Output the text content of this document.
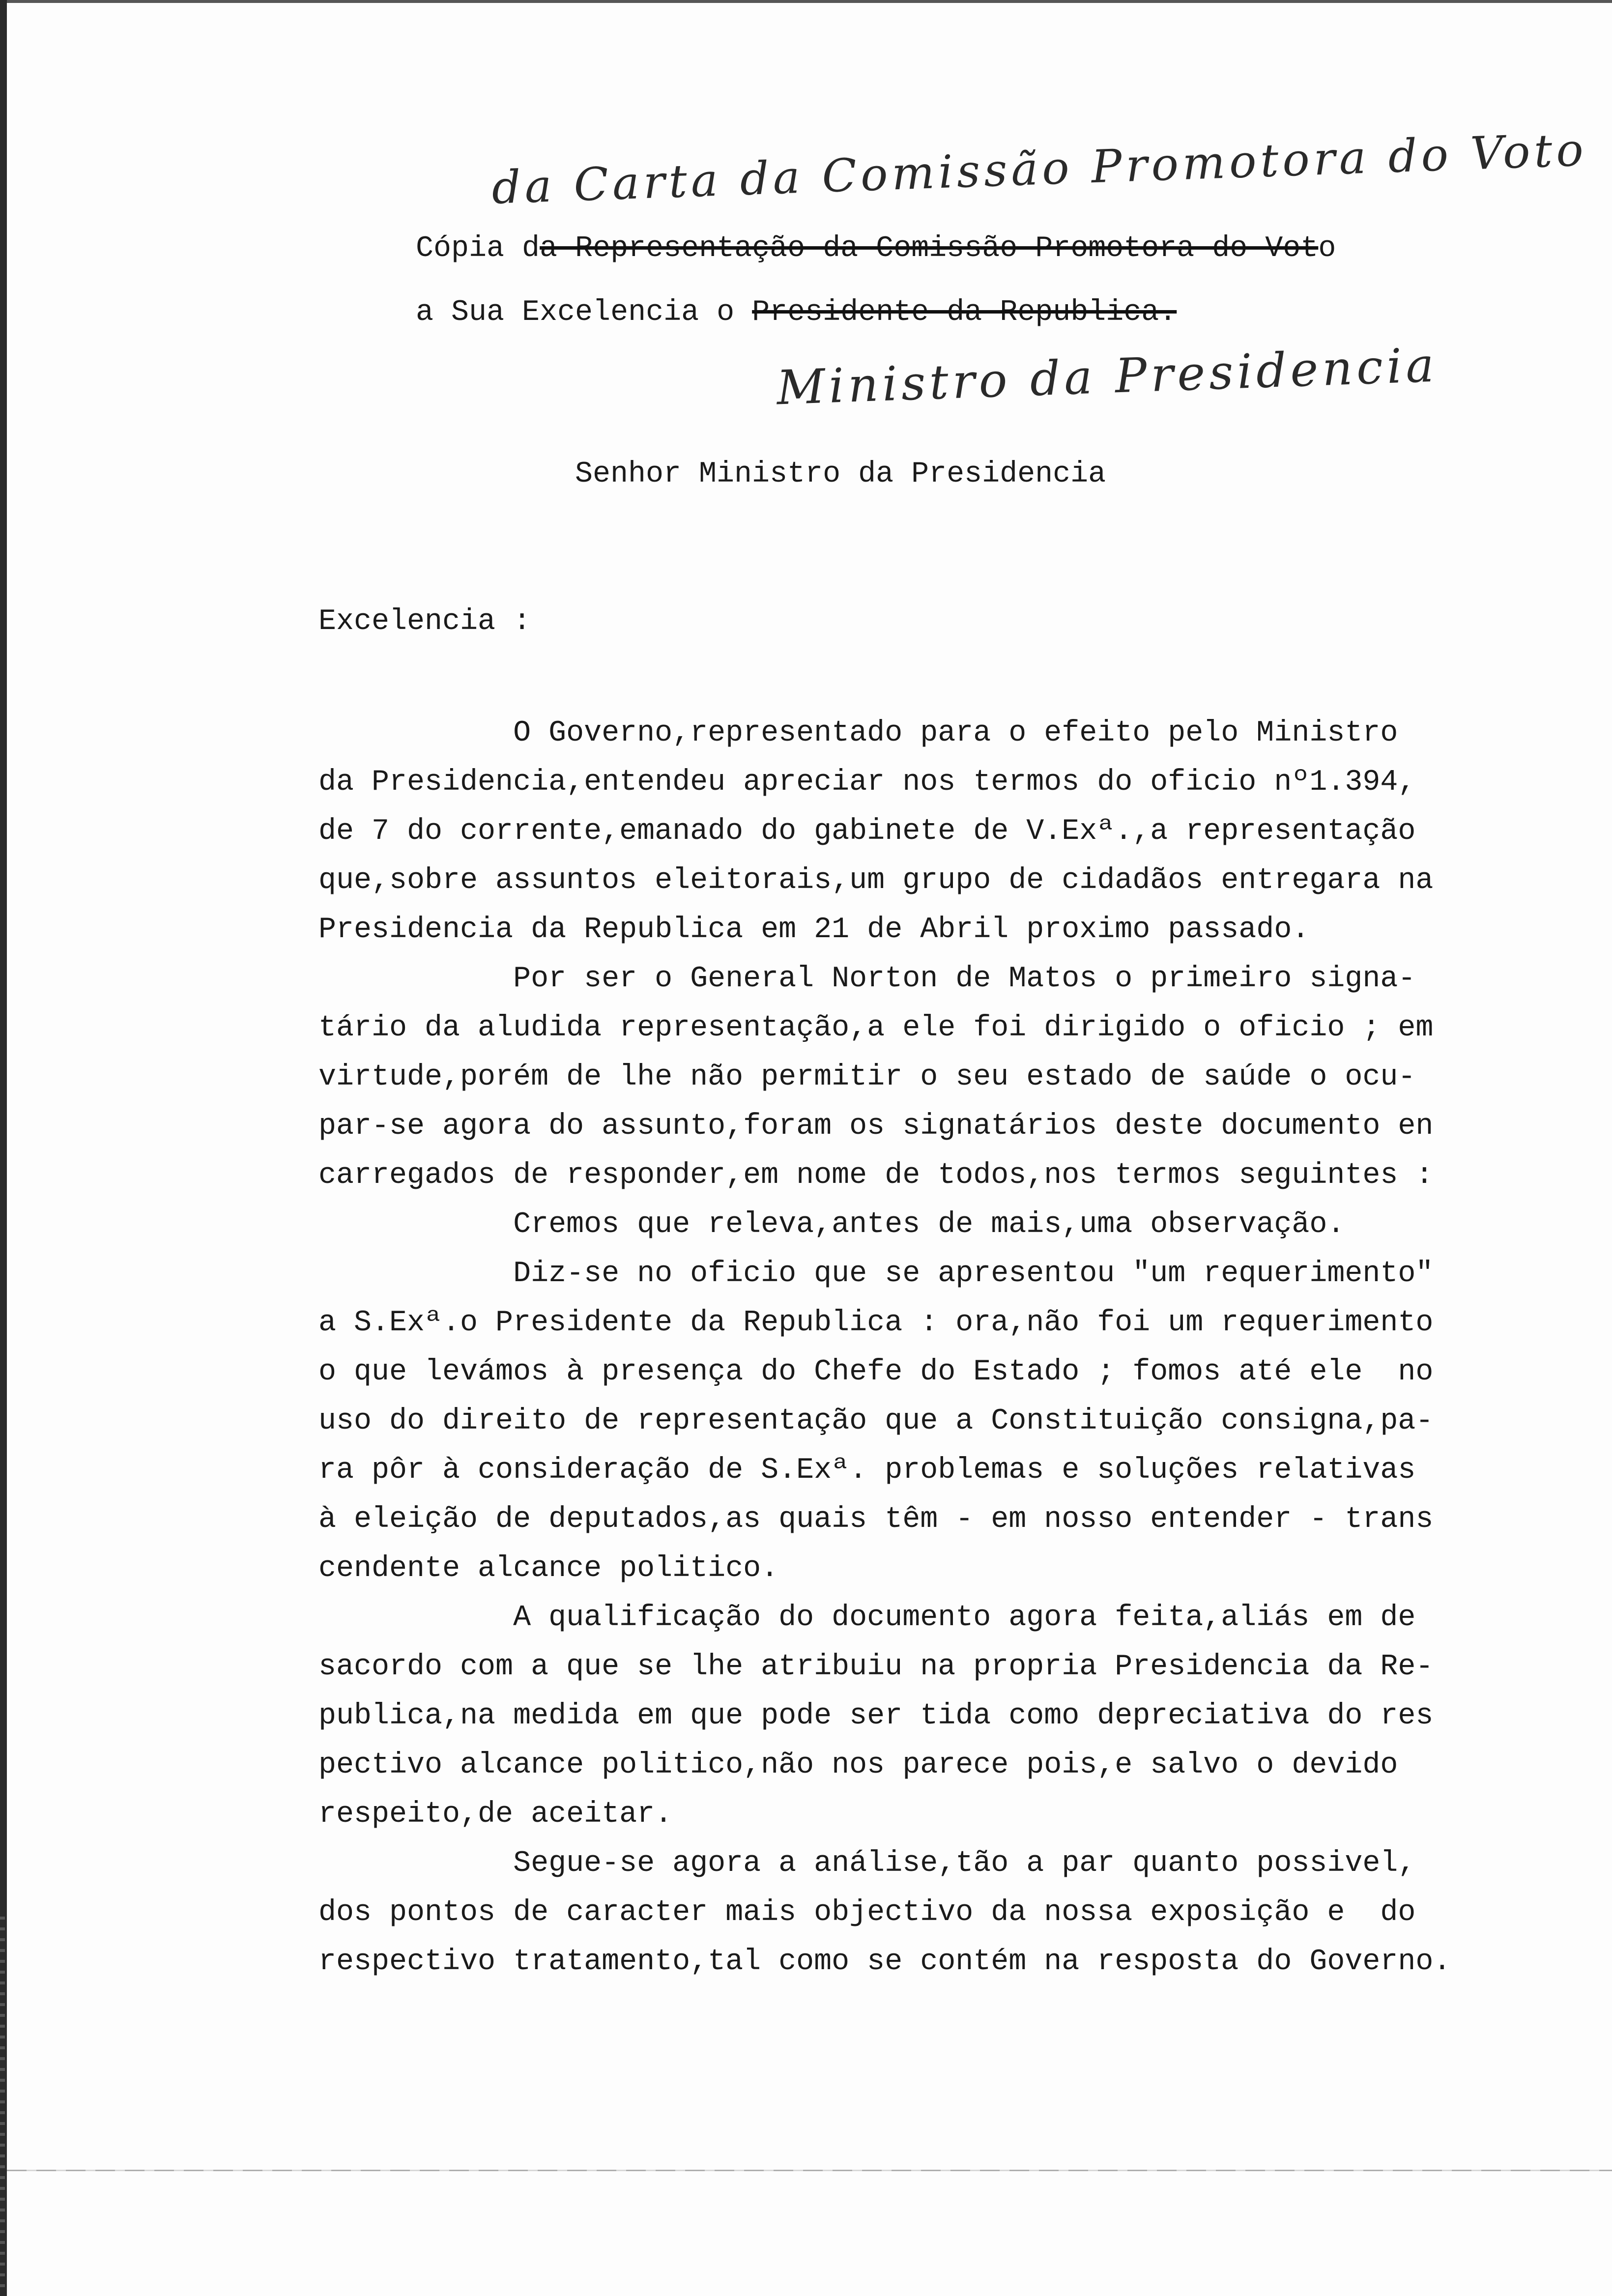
da Carta da Comissão Promotora do Voto
Cópia da Representação da Comissão Promotora do Voto
a Sua Excelencia o Presidente da Republica.
Ministro da Presidencia
Senhor Ministro da Presidencia
Excelencia :
O Governo,representado para o efeito pelo Ministro
da Presidencia,entendeu apreciar nos termos do oficio nº1.394,
de 7 do corrente,emanado do gabinete de V.Exª.,a representação
que,sobre assuntos eleitorais,um grupo de cidadãos entregara na
Presidencia da Republica em 21 de Abril proximo passado.
Por ser o General Norton de Matos o primeiro signa-
tário da aludida representação,a ele foi dirigido o oficio ; em
virtude,porém de lhe não permitir o seu estado de saúde o ocu-
par-se agora do assunto,foram os signatários deste documento en
carregados de responder,em nome de todos,nos termos seguintes :
Cremos que releva,antes de mais,uma observação.
Diz-se no oficio que se apresentou "um requerimento"
a S.Exª.o Presidente da Republica : ora,não foi um requerimento
o que levámos à presença do Chefe do Estado ; fomos até ele  no
uso do direito de representação que a Constituição consigna,pa-
ra pôr à consideração de S.Exª. problemas e soluções relativas
à eleição de deputados,as quais têm - em nosso entender - trans
cendente alcance politico.
A qualificação do documento agora feita,aliás em de
sacordo com a que se lhe atribuiu na propria Presidencia da Re-
publica,na medida em que pode ser tida como depreciativa do res
pectivo alcance politico,não nos parece pois,e salvo o devido
respeito,de aceitar.
Segue-se agora a análise,tão a par quanto possivel,
dos pontos de caracter mais objectivo da nossa exposição e  do
respectivo tratamento,tal como se contém na resposta do Governo.
